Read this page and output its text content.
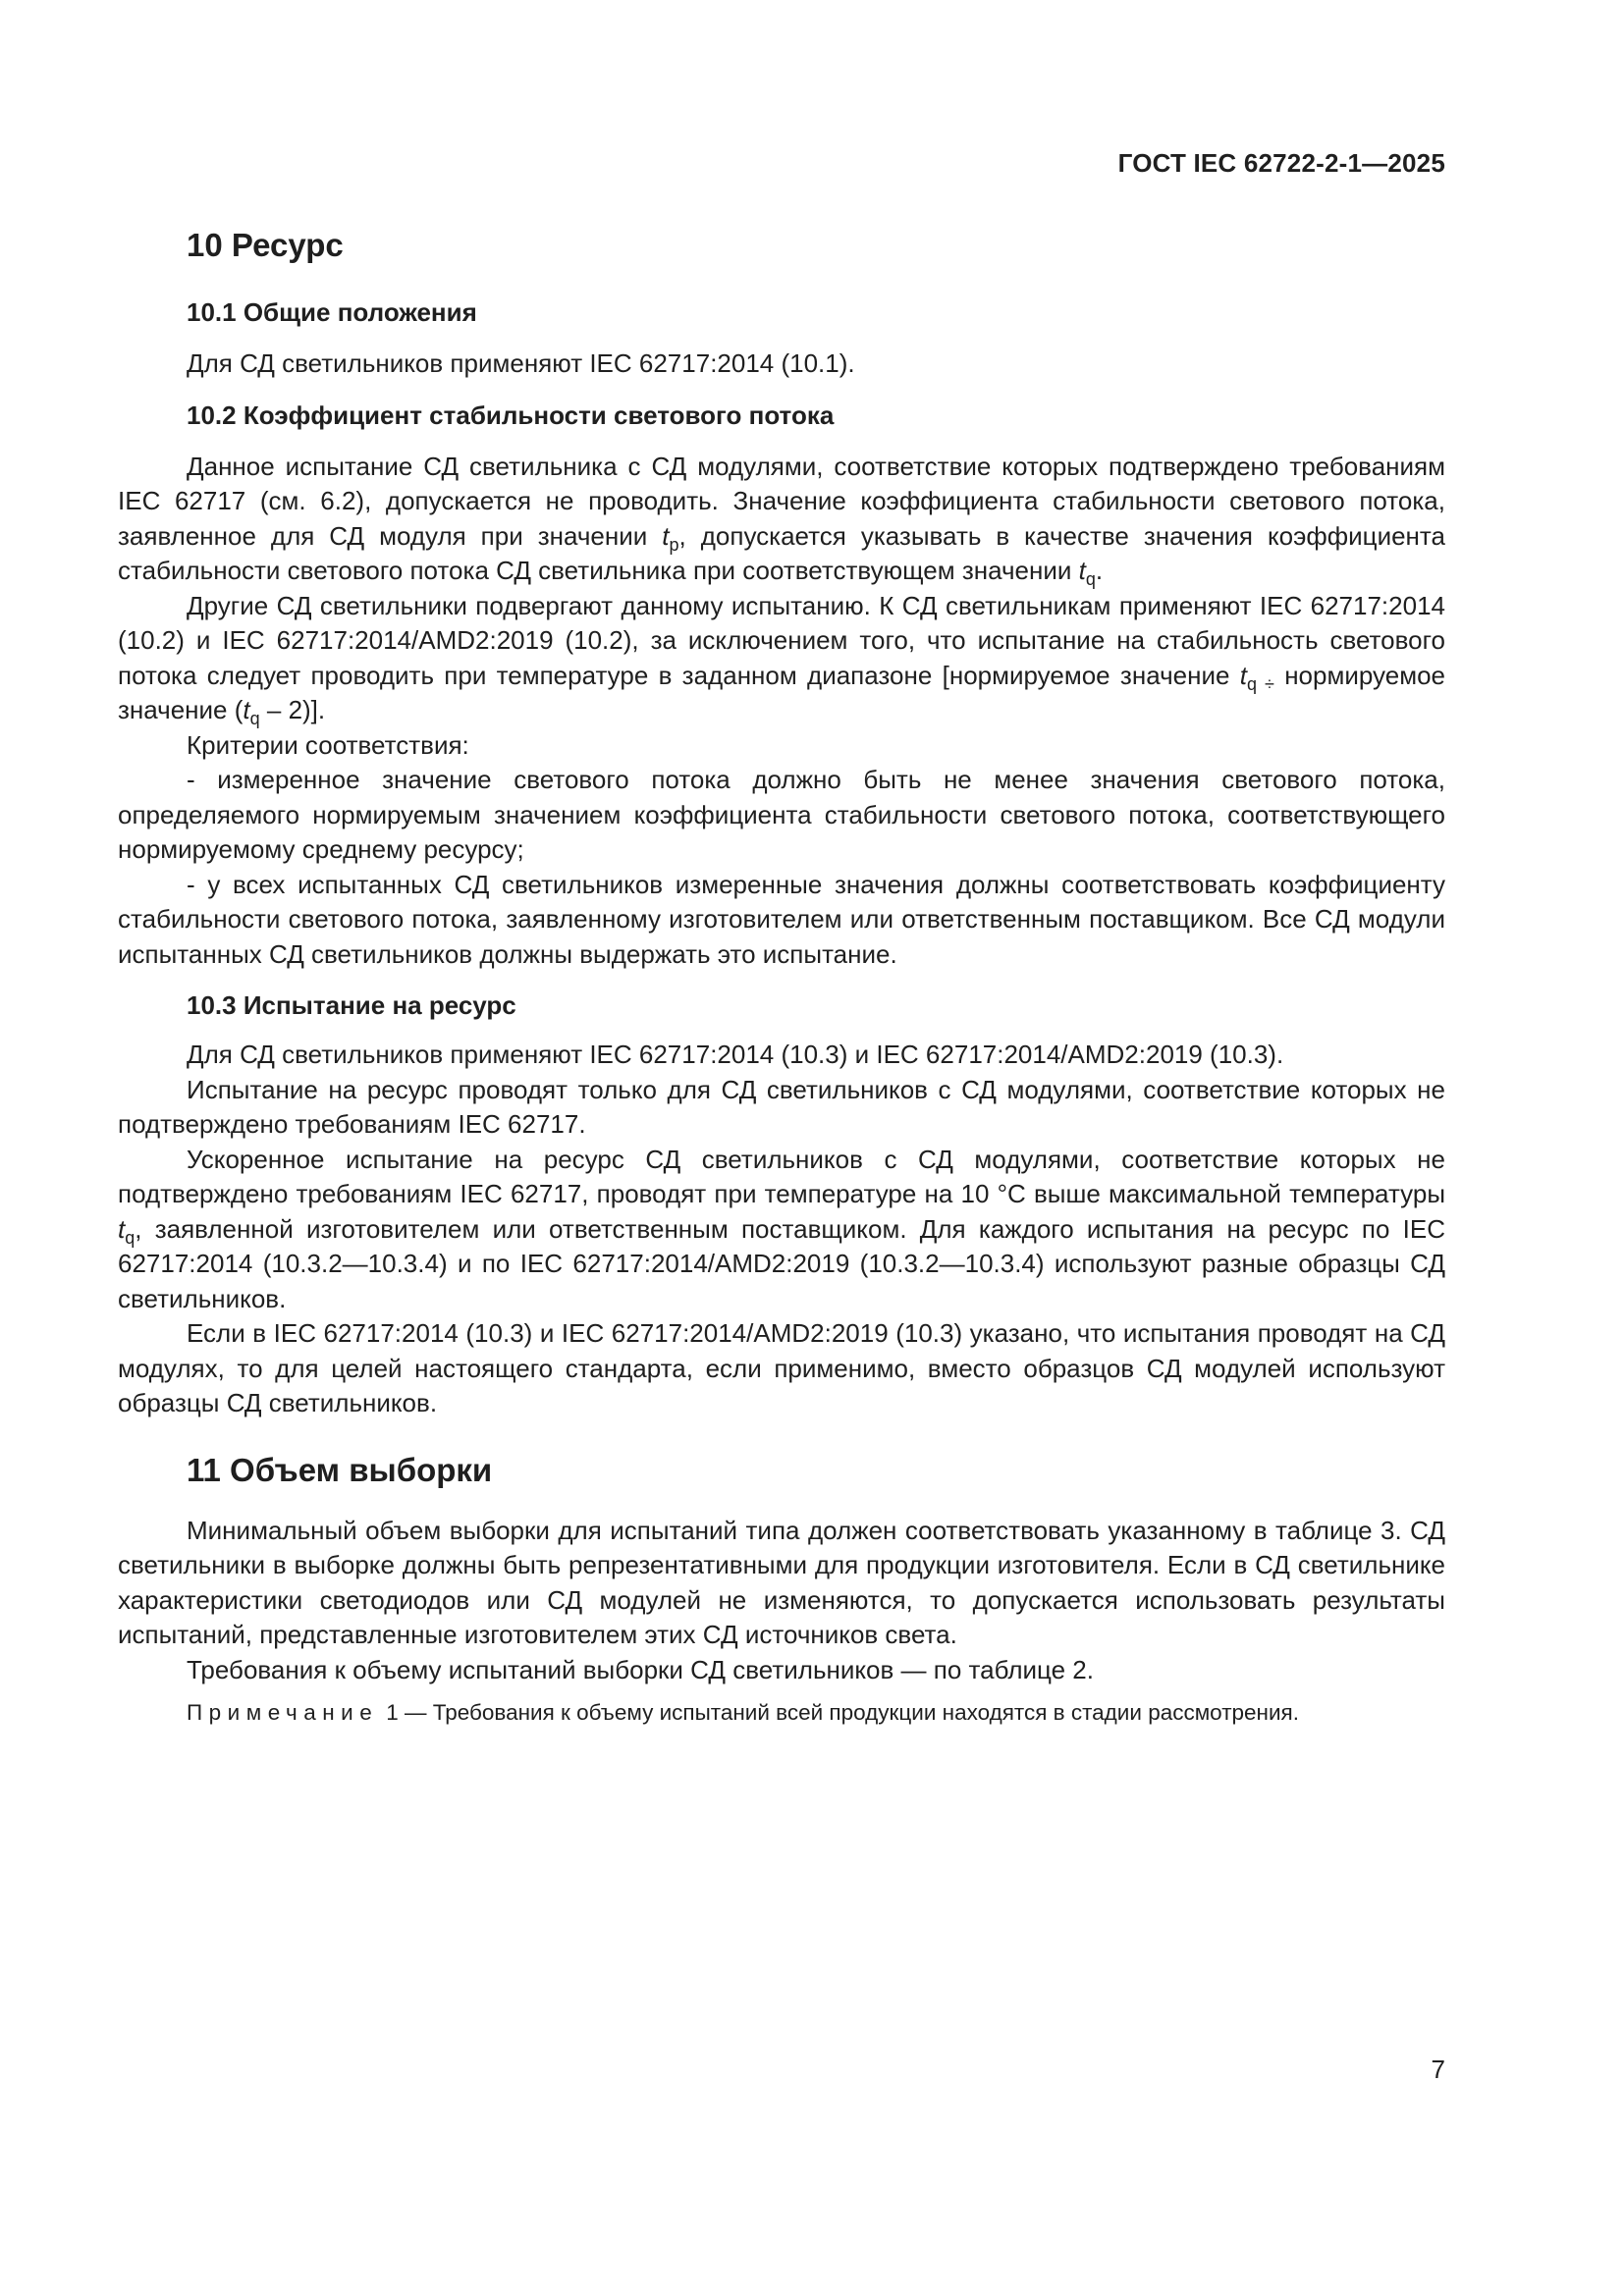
ГОСТ IEC 62722-2-1—2025
10 Ресурс
10.1 Общие положения

Для СД светильников применяют IEC 62717:2014 (10.1).

10.2 Коэффициент стабильности светового потока

Данное испытание СД светильника с СД модулями, соответствие которых подтверждено требованиям IEC 62717 (см. 6.2), допускается не проводить. Значение коэффициента стабильности светового потока, заявленное для СД модуля при значении $t_p$, допускается указывать в качестве значения коэффициента стабильности светового потока СД светильника при соответствующем значении $t_q$.

Другие СД светильники подвергают данному испытанию. К СД светильникам применяют IEC 62717:2014 (10.2) и IEC 62717:2014/AMD2:2019 (10.2), за исключением того, что испытание на стабильность светового потока следует проводить при температуре в заданном диапазоне [нормируемое значение $t_{q \div}$ нормируемое значение $(t_q - 2)$].

Критерии соответствия:

- измеренное значение светового потока должно быть не менее значения светового потока, определяемого нормируемым значением коэффициента стабильности светового потока, соответствующего нормируемому среднему ресурсу;

- у всех испытанных СД светильников измеренные значения должны соответствовать коэффициенту стабильности светового потока, заявленному изготовителем или ответственным поставщиком. Все СД модули испытанных СД светильников должны выдержать это испытание.

10.3 Испытание на ресурс

Для СД светильников применяют IEC 62717:2014 (10.3) и IEC 62717:2014/AMD2:2019 (10.3).

Испытание на ресурс проводят только для СД светильников с СД модулями, соответствие которых не подтверждено требованиям IEC 62717.

Ускоренное испытание на ресурс СД светильников с СД модулями, соответствие которых не подтверждено требованиям IEC 62717, проводят при температуре на 10 °С выше максимальной температуры $t_q$, заявленной изготовителем или ответственным поставщиком. Для каждого испытания на ресурс по IEC 62717:2014 (10.3.2—10.3.4) и по IEC 62717:2014/AMD2:2019 (10.3.2—10.3.4) используют разные образцы СД светильников.

Если в IEC 62717:2014 (10.3) и IEC 62717:2014/AMD2:2019 (10.3) указано, что испытания проводят на СД модулях, то для целей настоящего стандарта, если применимо, вместо образцов СД модулей используют образцы СД светильников.

11 Объем выборки

Минимальный объем выборки для испытаний типа должен соответствовать указанному в таблице 3. СД светильники в выборке должны быть репрезентативными для продукции изготовителя. Если в СД светильнике характеристики светодиодов или СД модулей не изменяются, то допускается использовать результаты испытаний, представленные изготовителем этих СД источников света.

Требования к объему испытаний выборки СД светильников — по таблице 2.

Примечание 1 — Требования к объему испытаний всей продукции находятся в стадии рассмотрения.

7
